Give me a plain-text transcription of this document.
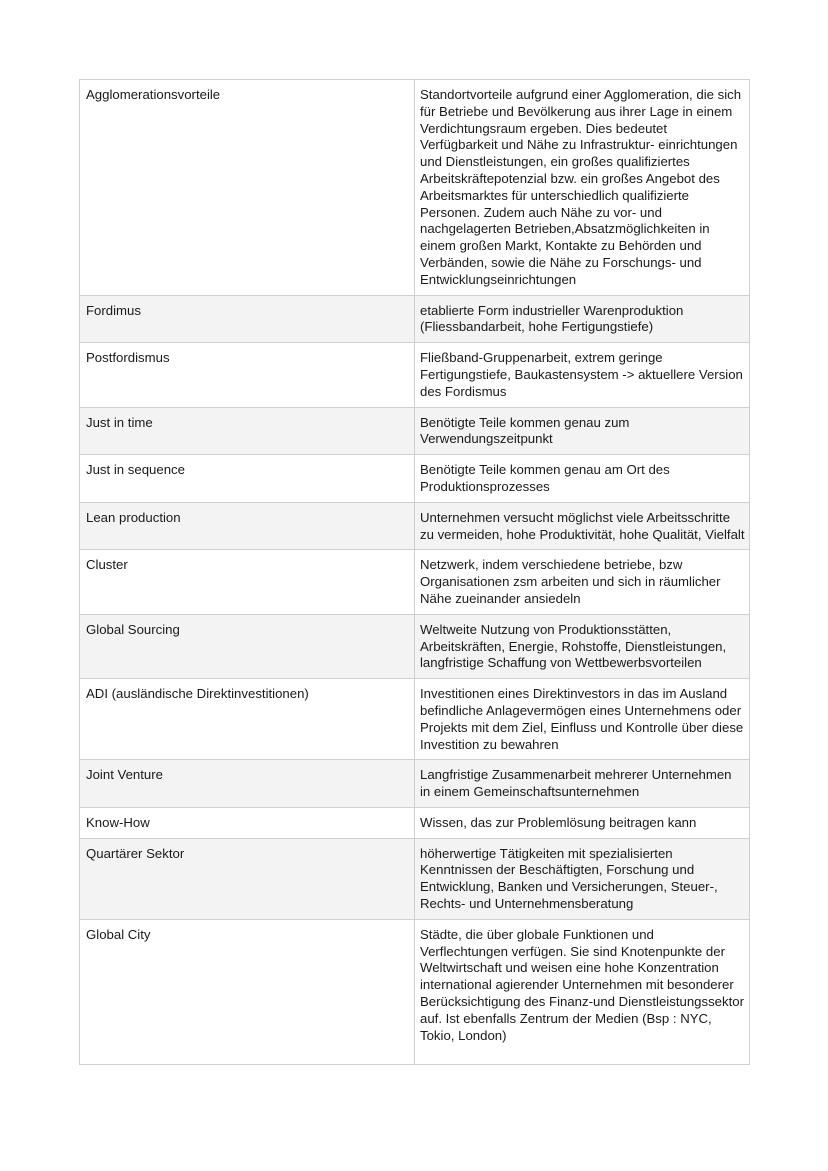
Agglomerationsvorteile	Standortvorteile aufgrund einer Agglomeration, die sich für Betriebe und Bevölkerung aus ihrer Lage in einem Verdichtungsraum ergeben. Dies bedeutet Verfügbarkeit und Nähe zu Infrastruktur- einrichtungen und Dienstleistungen, ein großes qualifiziertes Arbeitskräftepotenzial bzw. ein großes Angebot des Arbeitsmarktes für unterschiedlich qualifizierte Personen. Zudem auch Nähe zu vor- und nachgelagerten Betrieben,Absatzmöglichkeiten in einem großen Markt, Kontakte zu Behörden und Verbänden, sowie die Nähe zu Forschungs- und Entwicklungseinrichtungen
Fordimus	etablierte Form industrieller Warenproduktion (Fliessbandarbeit, hohe Fertigungstiefe)
Postfordismus	Fließband-Gruppenarbeit, extrem geringe Fertigungstiefe, Baukastensystem -> aktuellere Version des Fordismus
Just in time	Benötigte Teile kommen genau zum Verwendungszeitpunkt
Just in sequence	Benötigte Teile kommen genau am Ort des Produktionsprozesses
Lean production	Unternehmen versucht möglichst viele Arbeitsschritte zu vermeiden, hohe Produktivität, hohe Qualität, Vielfalt
Cluster	Netzwerk, indem verschiedene betriebe, bzw Organisationen zsm arbeiten und sich in räumlicher Nähe zueinander ansiedeln
Global Sourcing	Weltweite Nutzung von Produktionsstätten, Arbeitskräften, Energie, Rohstoffe, Dienstleistungen, langfristige Schaffung von Wettbewerbsvorteilen
ADI (ausländische Direktinvestitionen)	Investitionen eines Direktinvestors in das im Ausland befindliche Anlagevermögen eines Unternehmens oder Projekts mit dem Ziel, Einfluss und Kontrolle über diese Investition zu bewahren
Joint Venture	Langfristige Zusammenarbeit mehrerer Unternehmen in einem Gemeinschaftsunternehmen
Know-How	Wissen, das zur Problemlösung beitragen kann
Quartärer Sektor	höherwertige Tätigkeiten mit spezialisierten Kenntnissen der Beschäftigten, Forschung und Entwicklung, Banken und Versicherungen, Steuer-, Rechts- und Unternehmensberatung
Global City	Städte, die über globale Funktionen und Verflechtungen verfügen. Sie sind Knotenpunkte der Weltwirtschaft und weisen eine hohe Konzentration international agierender Unternehmen mit besonderer Berücksichtigung des Finanz-und Dienstleistungssektor auf. Ist ebenfalls Zentrum der Medien (Bsp : NYC, Tokio, London)
